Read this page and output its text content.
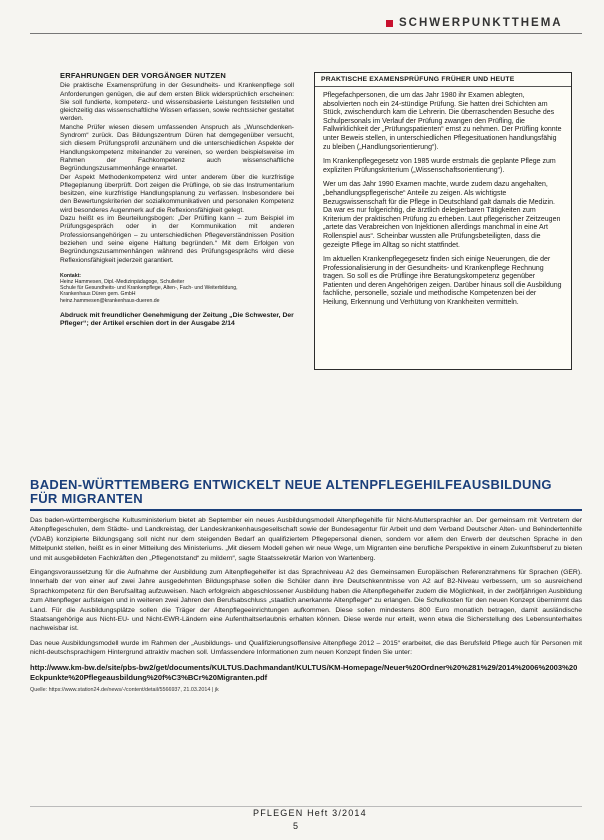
SCHWERPUNKTTHEMA
ERFAHRUNGEN DER VORGÄNGER NUTZEN

Die praktische Examensprüfung in der Gesundheits- und Krankenpflege soll Anforderungen genügen, die auf dem ersten Blick widersprüchlich erscheinen: Sie soll fundierte, kompetenz- und wissensbasierte Leistungen feststellen und gleichzeitig das wissenschaftliche Wissen erfassen, sowie rechtssicher gestaltet werden.

Manche Prüfer wiesen diesem umfassenden Anspruch als „Wunschdenken-Syndrom“ zurück. Das Bildungszentrum Düren hat demgegenüber versucht, sich diesem Prüfungsprofil anzunähern und die unterschiedlichen Aspekte der Handlungskompetenz miteinander zu vereinen, so werden beispielsweise im Rahmen der Fachkompetenz auch wissenschaftliche Begründungszusammenhänge erwartet.

Der Aspekt Methodenkompetenz wird unter anderem über die kurzfristige Pflegeplanung überprüft. Dort zeigen die Prüflinge, ob sie das Instrumentarium besitzen, eine kurzfristige Handlungsplanung zu verfassen. Insbesondere bei den Bewertungskriterien der sozialkommunikativen und personalen Kompetenz wird besonderes Augenmerk auf die Reflexionsfähigkeit gelegt.

Dazu heißt es im Beurteilungsbogen: „Der Prüfling kann – zum Beispiel im Prüfungsgespräch oder in der Kommunikation mit anderen Professionsangehörigen – zu unterschiedlichen Pflegeverständnissen Position beziehen und seine eigene Haltung begründen.“ Mit dem Erfolgen von Begründungszusammenhängen während des Prüfungsgesprächs wird diese Reflexionsfähigkeit jederzeit garantiert.

Kontakt:
Heinz Hammesen, Dipl.-Medizinpädagoge, Schulleiter
Schule für Gesundheits- und Krankenpflege, Alten-, Fach- und Weiterbildung,
Krankenhaus Düren gem. GmbH
heinz.hammesen@krankenhaus-dueren.de
Abdruck mit freundlicher Genehmigung der Zeitung „Die Schwester, Der Pfleger“; der Artikel erschien dort in der Ausgabe 2/14
PRAKTISCHE EXAMENSPRÜFUNG FRÜHER UND HEUTE

Pflegefachpersonen, die um das Jahr 1980 ihr Examen ablegten, absolvierten noch ein 24-stündige Prüfung. Sie hatten drei Schichten am Stück, zwischendurch kam die Lehrerin. Die überraschenden Besuche des Schulpersonals im Verlauf der Prüfung zwangen den Prüfling, die Fallwirklichkeit der „Prüfungspatienten“ ernst zu nehmen. Der Prüfling konnte unter Beweis stellen, in unterschiedlichen Pflegesituationen handlungsfähig zu bleiben („Handlungsorientierung“).

Im Krankenpflegegesetz von 1985 wurde erstmals die geplante Pflege zum expliziten Prüfungskriterium („Wissenschaftsorientierung“).

Wer um das Jahr 1990 Examen machte, wurde zudem dazu angehalten, „behandlungspflegerische“ Anteile zu zeigen. Als wichtigste Bezugswissenschaft für die Pflege in Deutschland galt damals die Medizin. Da war es nur folgerichtig, die ärztlich delegierbaren Tätigkeiten zum Kriterium der praktischen Prüfung zu erheben. Laut pflegerischer Zeitzeugen „artete das Verabreichen von Injektionen allerdings manchmal in eine Art Rollenspiel aus“. Scheinbar wussten alle Prüfungsbeteiligten, dass die gezeigte Pflege im Alltag so nicht stattfindet.

Im aktuellen Krankenpflegegesetz finden sich einige Neuerungen, die der Professionalisierung in der Gesundheits- und Krankenpflege Rechnung tragen. So soll es die Prüflinge ihre Beratungskompetenz gegenüber Patienten und deren Angehörigen zeigen. Darüber hinaus soll die Ausbildung fachliche, personelle, soziale und methodische Kompetenzen bei der Heilung, Erkennung und Verhütung von Krankheiten vermitteln.

BADEN-WÜRTTEMBERG ENTWICKELT NEUE ALTENPFLEGEHILFEAUSBILDUNG FÜR MIGRANTEN

Das baden-württembergische Kultusministerium bietet ab September ein neues Ausbildungsmodell Altenpflegehilfe für Nicht-Muttersprachler an. Der gemeinsam mit Vertretern der Altenpflegeschulen, dem Städte- und Landkreistag, der Landeskrankenhausgesellschaft sowie der Bundesagentur für Arbeit und dem Verband Deutscher Alten- und Behindertenhilfe (VDAB) konzipierte Bildungsgang soll nicht nur dem steigenden Bedarf an qualifiziertem Pflegepersonal dienen, sondern vor allem den Erwerb der deutschen Sprache in den Mittelpunkt stellen, heißt es in einer Mitteilung des Ministeriums. „Mit diesem Modell gehen wir neue Wege, um Migranten eine berufliche Perspektive in einem Zukunftsberuf zu bieten und mit ausgebildeten Fachkräften den „Pflegenotstand“ zu mildern“, sagte Staatssekretär Marion von Wartenberg.

Eingangsvoraussetzung für die Aufnahme der Ausbildung zum Altenpflegehelfer ist das Sprachniveau A2 des Gemeinsamen Europäischen Referenzrahmens für Sprachen (GER). Innerhalb der von einer auf zwei Jahre ausgedehnten Bildungsphase sollen die Schüler dann ihre Deutschkenntnisse von A2 auf B2-Niveau verbessern, um so ausreichend Sprachkompetenz für den Berufsalltag aufzuweisen. Nach erfolgreich abgeschlossener Ausbildung haben die Altenpflegehelfer zudem die Möglichkeit, in der zwölfjährigen Ausbildung zum Altenpfleger aufsteigen und in weiteren zwei Jahren den Berufsabschluss „staatlich anerkannte Altenpfleger“ zu erlangen. Die Schulkosten für den neuen Konzept übernimmt das Land. Für die Ausbildungsplätze sollen die Träger der Altenpflegeeinrichtungen aufkommen. Diese sollen mindestens 800 Euro monatlich betragen, damit ausländische Staatsangehörige aus Nicht-EU- und Nicht-EWR-Ländern eine Aufenthaltserlaubnis erhalten können. Diese werde nur erteilt, wenn etwa die Sicherstellung des Lebensunterhaltes nachweisbar ist.

Das neue Ausbildungsmodell wurde im Rahmen der „Ausbildungs- und Qualifizierungsoffensive Altenpflege 2012 – 2015“ erarbeitet, die das Berufsfeld Pflege auch für Personen mit nicht-deutschsprachigem Hintergrund attraktiv machen soll. Umfassendere Informationen zum neuen Konzept finden Sie unter:

http://www.km-bw.de/site/pbs-bw2/get/documents/KULTUS.Dachmandant/KULTUS/KM-Homepage/Neuer%20Ordner%20%281%29/2014%2006%2003%20Eckpunkte%20Pflegeausbildung%20f%C3%BCr%20Migranten.pdf
Quelle: https://www.station24.de/news/-/content/detail/5566937, 21.03.2014 | jk
PFLEGEN Heft 3/2014
5
